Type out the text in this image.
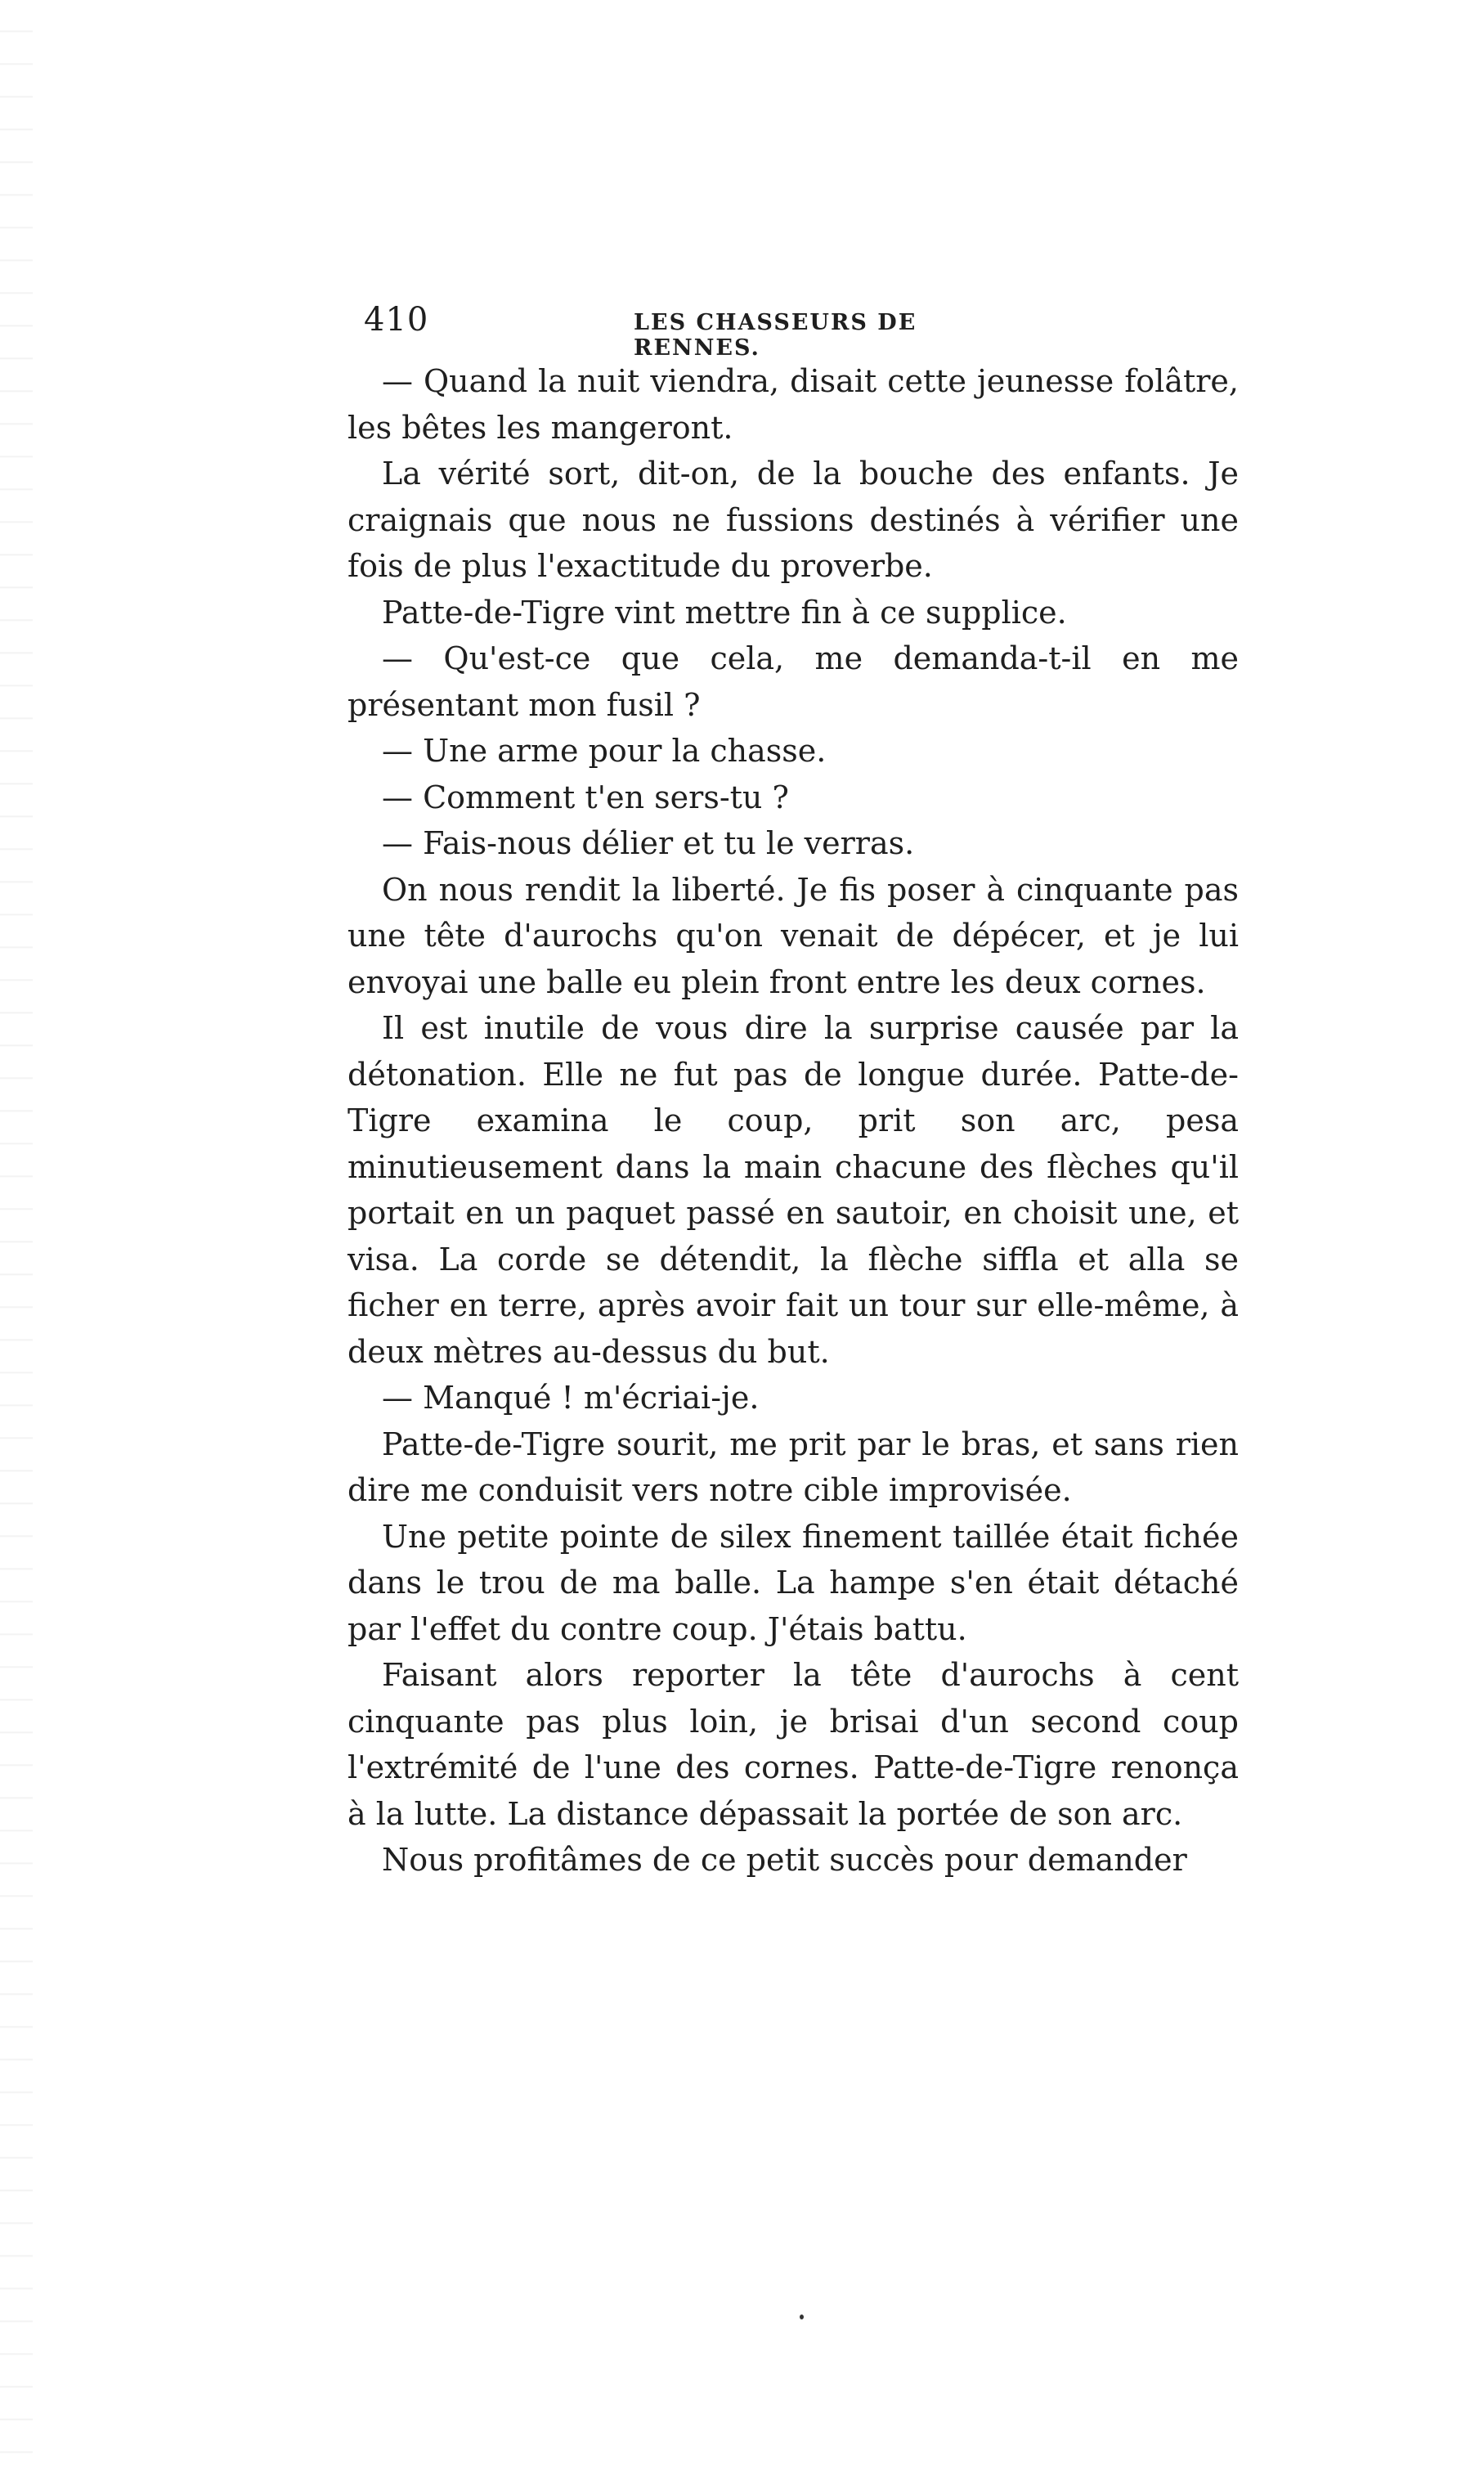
410	LES CHASSEURS DE RENNES.

— Quand la nuit viendra, disait cette jeunesse folâtre, les bêtes les mangeront.

La vérité sort, dit-on, de la bouche des enfants. Je craignais que nous ne fussions destinés à vérifier une fois de plus l'exactitude du proverbe.

Patte-de-Tigre vint mettre fin à ce supplice.

— Qu'est-ce que cela, me demanda-t-il en me présentant mon fusil ?

— Une arme pour la chasse.

— Comment t'en sers-tu ?

— Fais-nous délier et tu le verras.

On nous rendit la liberté. Je fis poser à cinquante pas une tête d'aurochs qu'on venait de dépécer, et je lui envoyai une balle eu plein front entre les deux cornes.

Il est inutile de vous dire la surprise causée par la détonation. Elle ne fut pas de longue durée. Patte-de-Tigre examina le coup, prit son arc, pesa minutieusement dans la main chacune des flèches qu'il portait en un paquet passé en sautoir, en choisit une, et visa. La corde se détendit, la flèche siffla et alla se ficher en terre, après avoir fait un tour sur elle-même, à deux mètres au-dessus du but.

— Manqué ! m'écriai-je.

Patte-de-Tigre sourit, me prit par le bras, et sans rien dire me conduisit vers notre cible improvisée.

Une petite pointe de silex finement taillée était fichée dans le trou de ma balle. La hampe s'en était détaché par l'effet du contre coup. J'étais battu.

Faisant alors reporter la tête d'aurochs à cent cinquante pas plus loin, je brisai d'un second coup l'extrémité de l'une des cornes. Patte-de-Tigre renonça à la lutte. La distance dépassait la portée de son arc.

Nous profitâmes de ce petit succès pour demander
